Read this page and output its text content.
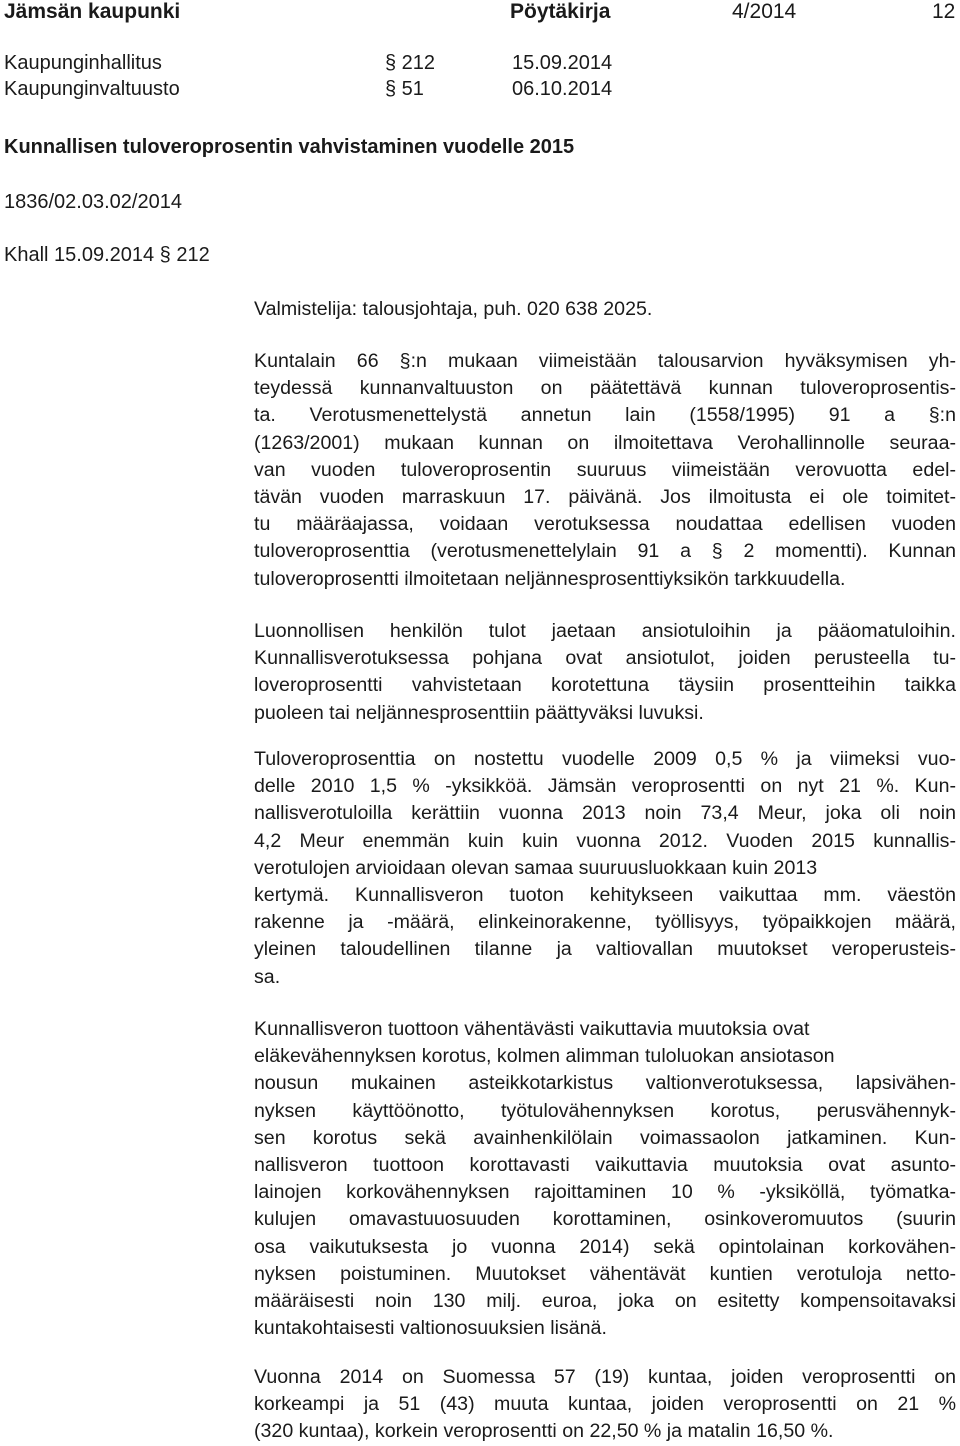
Jämsän kaupunki	Pöytäkirja	4/2014	12
Kaupunginhallitus	§ 212	15.09.2014
Kaupunginvaltuusto	§ 51	06.10.2014
Kunnallisen tuloveroprosentin vahvistaminen vuodelle 2015
1836/02.03.02/2014
Khall 15.09.2014 § 212
Valmistelija: talousjohtaja, puh. 020 638 2025.
Kuntalain 66 §:n mukaan viimeistään talousarvion hyväksymisen yh-
teydessä kunnanvaltuuston on päätettävä kunnan tuloveroprosentis-
ta. Verotusmenettelystä annetun lain (1558/1995) 91 a §:n
(1263/2001) mukaan kunnan on ilmoitettava Verohallinnolle seuraa-
van vuoden tuloveroprosentin suuruus viimeistään verovuotta edel-
tävän vuoden marraskuun 17. päivänä. Jos ilmoitusta ei ole toimitet-
tu määräajassa, voidaan verotuksessa noudattaa edellisen vuoden
tuloveroprosenttia (verotusmenettelylain 91 a § 2 momentti). Kunnan
tuloveroprosentti ilmoitetaan neljännesprosenttiyksikön tarkkuudella.
Luonnollisen henkilön tulot jaetaan ansiotuloihin ja pääomatuloihin.
Kunnallisverotuksessa pohjana ovat ansiotulot, joiden perusteella tu-
loveroprosentti vahvistetaan korotettuna täysiin prosentteihin taikka
puoleen tai neljännesprosenttiin päättyväksi luvuksi.
Tuloveroprosenttia on nostettu vuodelle 2009 0,5 % ja viimeksi vuo-
delle 2010 1,5 % -yksikköä. Jämsän veroprosentti on nyt 21 %. Kun-
nallisverotuloilla kerättiin vuonna 2013 noin 73,4 Meur, joka oli noin
4,2 Meur enemmän kuin kuin vuonna 2012. Vuoden 2015 kunnallis-
verotulojen arvioidaan olevan samaa suuruusluokkaan kuin 2013
kertymä. Kunnallisveron tuoton kehitykseen vaikuttaa mm. väestön
rakenne ja -määrä, elinkeinorakenne, työllisyys, työpaikkojen määrä,
yleinen taloudellinen tilanne ja valtiovallan muutokset veroperusteis-
sa.
Kunnallisveron tuottoon vähentävästi vaikuttavia muutoksia ovat
eläkevähennyksen korotus, kolmen alimman tuloluokan ansiotason
nousun mukainen asteikkotarkistus valtionverotuksessa, lapsivähen-
nyksen käyttöönotto, työtulovähennyksen korotus, perusvähennyk-
sen korotus sekä avainhenkilölain voimassaolon jatkaminen. Kun-
nallisveron tuottoon korottavasti vaikuttavia muutoksia ovat asunto-
lainojen korkovähennyksen rajoittaminen 10 % -yksiköllä, työmatka-
kulujen omavastuuosuuden korottaminen, osinkoveromuutos (suurin
osa vaikutuksesta jo vuonna 2014) sekä opintolainan korkovähen-
nyksen poistuminen. Muutokset vähentävät kuntien verotuloja netto-
määräisesti noin 130 milj. euroa, joka on esitetty kompensoitavaksi
kuntakohtaisesti valtionosuuksien lisänä.
Vuonna 2014 on Suomessa 57 (19) kuntaa, joiden veroprosentti on
korkeampi ja 51 (43) muuta kuntaa, joiden veroprosentti on 21 %
(320 kuntaa), korkein veroprosentti on 22,50 % ja matalin 16,50 %.
